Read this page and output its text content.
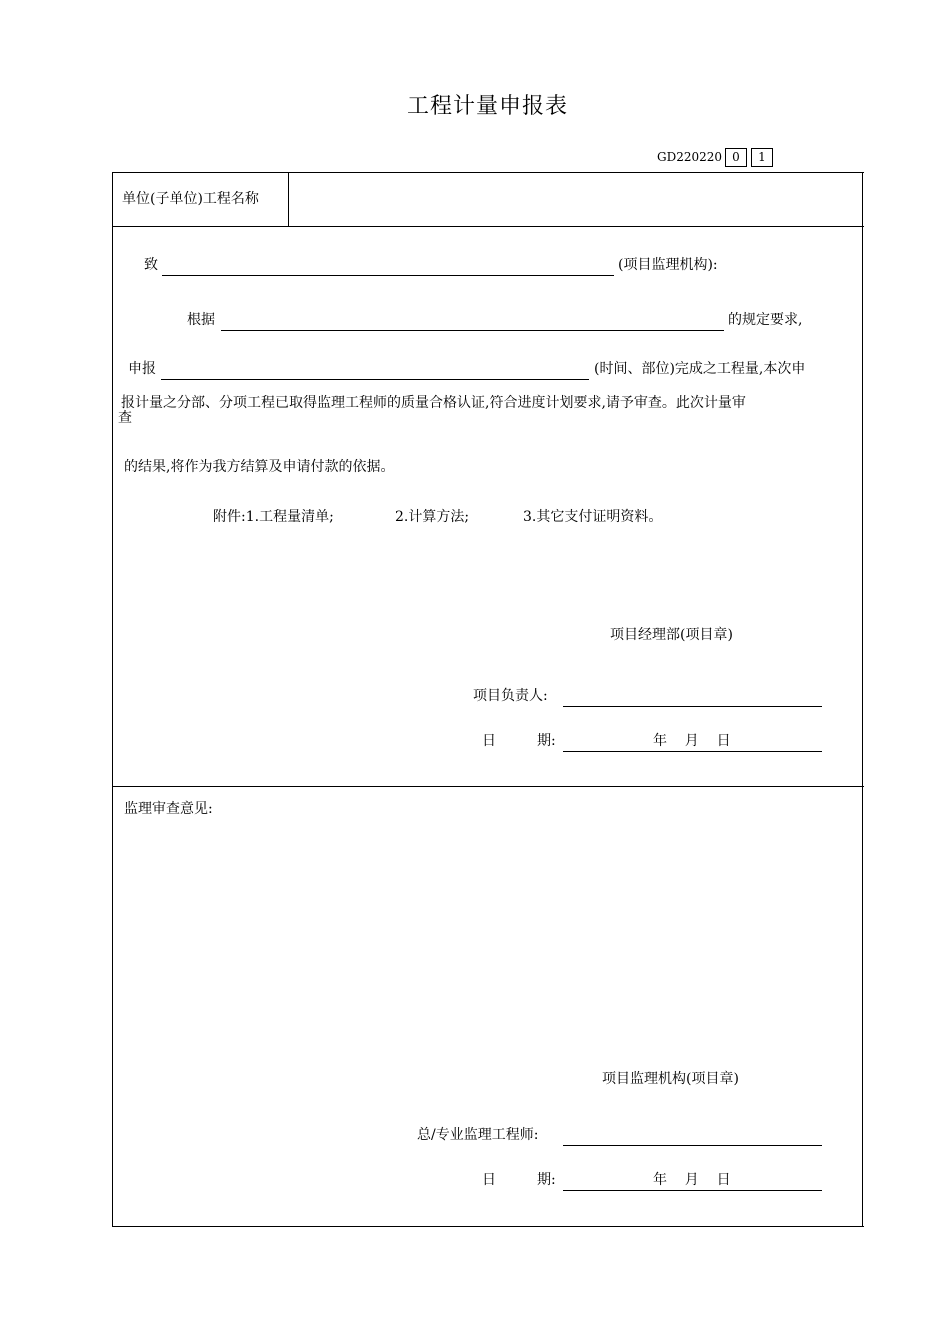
工程计量申报表
GD220220 0	1
单位(子单位)工程名称
致	(项目监理机构):
根据	的规定要求,
申报	(时间、部位)完成之工程量,本次申
报计量之分部、分项工程已取得监理工程师的质量合格认证,符合进度计划要求,请予审查。此次计量审
查
的结果,将作为我方结算及申请付款的依据。
附件:1.工程量清单;	2.计算方法;	3.其它支付证明资料。
项目经理部(项目章)
项目负责人:
日	期:	年    月    日
监理审查意见:
项目监理机构(项目章)
总/专业监理工程师:
日	期:	年    月    日
